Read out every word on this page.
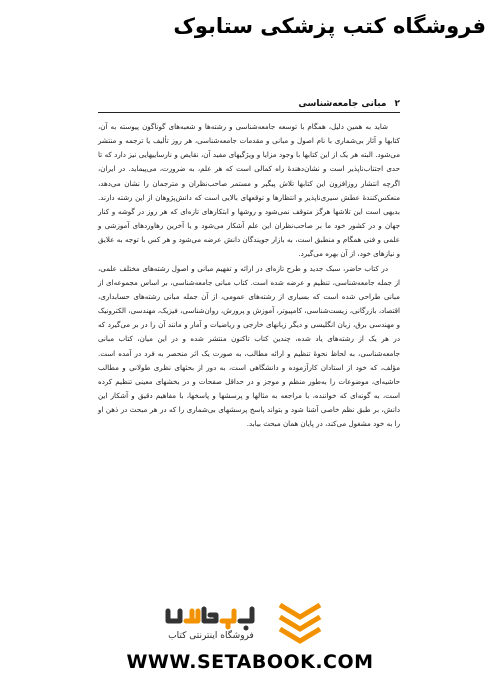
فروشگاه کتب پزشکی ستابوک
۲
مبانی جامعه‌شناسی

شاید به همین دلیل، همگام با توسعه جامعه‌شناسی و رشته‌ها و شعبه‌های گوناگون پیوسته به آن، کتابها و آثار بی‌شماری با نام اصول و مبانی و مقدمات جامعه‌شناسی، هر روز تألیف یا ترجمه و منتشر می‌شود. البته هر یک از این کتابها با وجود مزایا و ویژگیهای مفید آن، نقایص و نارساییهایی نیز دارد که تا حدی اجتناب‌ناپذیر است و نشان‌دهندهٔ راه کمالی است که هر علم، به ضرورت، می‌پیماید. در ایران، اگرچه انتشار روزافزون این کتابها تلاش پیگیر و مستمر صاحب‌نظران و مترجمان را نشان می‌دهد، منعکس‌کنندهٔ عطش سیری‌ناپذیر و انتظارها و توقعهای بالایی است که دانش‌پژوهان از این رشته دارند. بدیهی است این تلاشها هرگز متوقف نمی‌شود و روشها و ابتکارهای تازه‌ای که هر روز در گوشه و کنار جهان و در کشور خود ما بر صاحب‌نظران این علم آشکار می‌شود و یا آخرین رهاوردهای آموزشی و علمی و فنی همگام و منطبق است، به بازار جویندگان دانش عرضه می‌شود و هر کس با توجه به علایق و نیازهای خود، از آن بهره می‌گیرد.

در کتاب حاضر، سبک جدید و طرح تازه‌ای در ارائه و تفهیم مبانی و اصول رشته‌های مختلف علمی، از جمله جامعه‌شناسی، تنظیم و عرضه شده است. کتاب مبانی جامعه‌شناسی، بر اساس مجموعه‌ای از مبانی طراحی شده است که بسیاری از رشته‌های عمومی، از آن جمله مبانی رشته‌های حسابداری، اقتصاد، بازرگانی، زیست‌شناسی، کامپیوتر، آموزش و پرورش، روان‌شناسی، فیزیک، مهندسی، الکترونیک و مهندسی برق، زبان انگلیسی و دیگر زبانهای خارجی و ریاضیات و آمار و مانند آن را در بر می‌گیرد که در هر یک از رشته‌های یاد شده، چندین کتاب تاکنون منتشر شده و در این میان، کتاب مبانی جامعه‌شناسی، به لحاظ نحوهٔ تنظیم و ارائه مطالب، به صورت یک اثر منحصر به فرد در آمده است. مؤلف، که خود از استادان کارآزموده و دانشگاهی است، به دور از بحثهای نظری طولانی و مطالب حاشیه‌ای، موضوعات را به‌طور منظم و موجز و در حداقل صفحات و در بخشهای معینی تنظیم کرده است، به گونه‌ای که خواننده، با مراجعه به مثالها و پرسشها و پاسخها، با مفاهیم دقیق و آشکار این دانش، بر طبق نظم خاصی آشنا شود و بتواند پاسخ پرسشهای بی‌شماری را که در هر مبحث در ذهن او را به خود مشغول می‌کند، در پایان همان مبحث بیابد.

فروشگاه اینترنتی کتاب
WWW.SETABOOK.COM
